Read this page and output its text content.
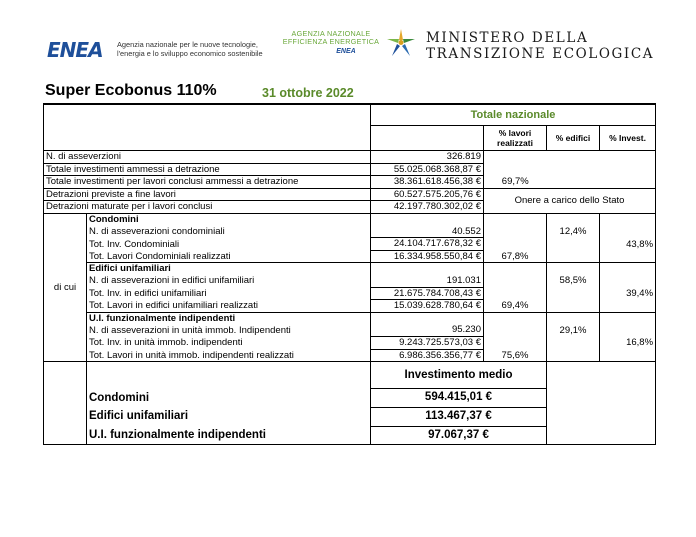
ENEA Agenzia nazionale per le nuove tecnologie, l'energia e lo sviluppo economico sostenibile
AGENZIA NAZIONALE
EFFICIENZA ENERGETICA
ENEA
MINISTERO DELLA
TRANSIZIONE ECOLOGICA
Super Ecobonus 110%	31 ottobre 2022
		Totale nazionale			
			% lavori realizzati	% edifici	% Invest.
N. di asseverzioni		326.819			
Totale investimenti ammessi a detrazione		55.025.068.368,87 €			
Totale investimenti per lavori conclusi ammessi a detrazione		38.361.618.456,38 €	69,7%		
Detrazioni previste a fine lavori		60.527.575.205,76 €	Onere a carico dello Stato		
Detrazioni maturate per i lavori conclusi		42.197.780.302,02 €			
di cui	Condomini				
	N. di asseverazioni condominiali	40.552		12,4%	
	Tot. Inv. Condominiali	24.104.717.678,32 €			43,8%
	Tot. Lavori Condominiali realizzati	16.334.958.550,84 €	67,8%		

	Edifici unifamiliari				
	N. di asseverazioni in edifici unifamiliari	191.031		58,5%	
	Tot. Inv. in edifici unifamiliari	21.675.784.708,43 €			39,4%
	Tot. Lavori in edifici unifamiliari realizzati	15.039.628.780,64 €	69,4%		

	U.I. funzionalmente indipendenti				
	N. di asseverazioni in unità immob. Indipendenti	95.230		29,1%	
	Tot. Inv. in unità immob. indipendenti	9.243.725.573,03 €			16,8%
	Tot. Lavori in unità immob. indipendenti realizzati	6.986.356.356,77 €	75,6%		
		Investimento medio			
	Condomini	594.415,01 €			
	Edifici unifamiliari	113.467,37 €			
	U.I. funzionalmente indipendenti	97.067,37 €			
